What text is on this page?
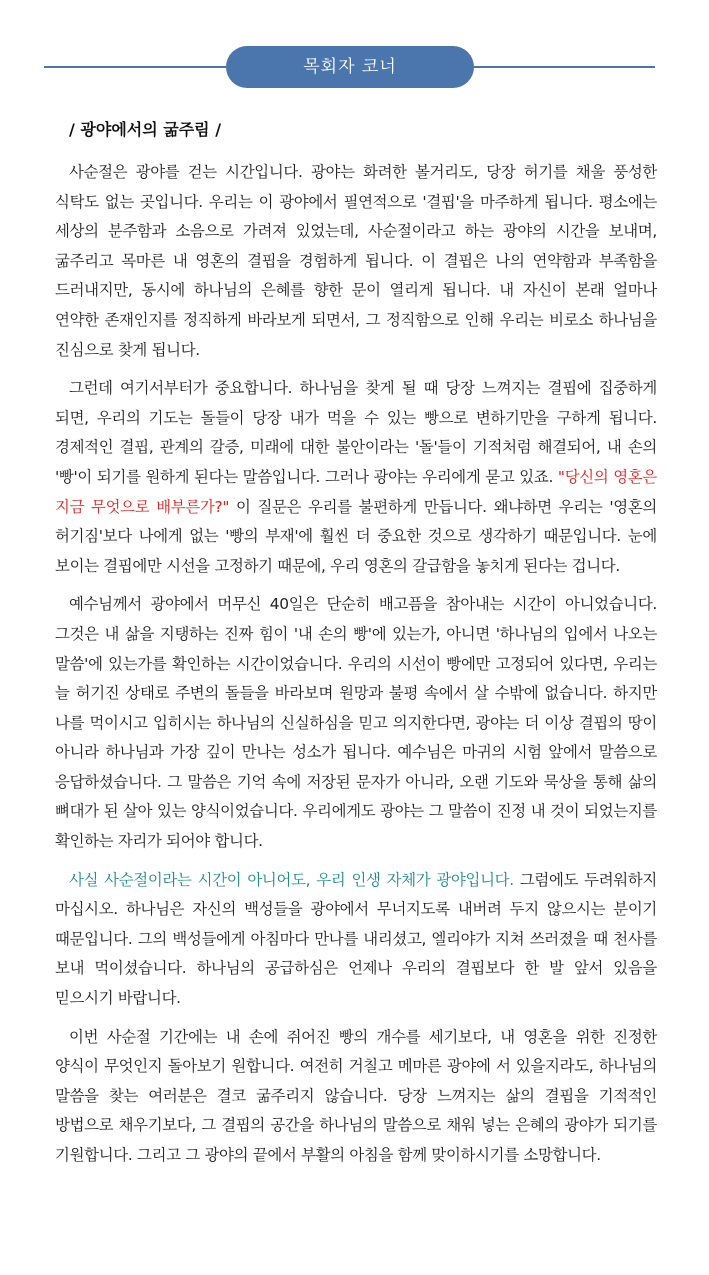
목회자 코너
/ 광야에서의 굶주림 /

사순절은 광야를 걷는 시간입니다. 광야는 화려한 볼거리도, 당장 허기를 채울 풍성한 식탁도 없는 곳입니다. 우리는 이 광야에서 필연적으로 '결핍'을 마주하게 됩니다. 평소에는 세상의 분주함과 소음으로 가려져 있었는데, 사순절이라고 하는 광야의 시간을 보내며, 굶주리고 목마른 내 영혼의 결핍을 경험하게 됩니다. 이 결핍은 나의 연약함과 부족함을 드러내지만, 동시에 하나님의 은혜를 향한 문이 열리게 됩니다. 내 자신이 본래 얼마나 연약한 존재인지를 정직하게 바라보게 되면서, 그 정직함으로 인해 우리는 비로소 하나님을 진심으로 찾게 됩니다.

그런데 여기서부터가 중요합니다. 하나님을 찾게 될 때 당장 느껴지는 결핍에 집중하게 되면, 우리의 기도는 돌들이 당장 내가 먹을 수 있는 빵으로 변하기만을 구하게 됩니다. 경제적인 결핍, 관계의 갈증, 미래에 대한 불안이라는 '돌'들이 기적처럼 해결되어, 내 손의 '빵'이 되기를 원하게 된다는 말씀입니다. 그러나 광야는 우리에게 묻고 있죠. "당신의 영혼은 지금 무엇으로 배부른가?" 이 질문은 우리를 불편하게 만듭니다. 왜냐하면 우리는 '영혼의 허기짐'보다 나에게 없는 '빵의 부재'에 훨씬 더 중요한 것으로 생각하기 때문입니다. 눈에 보이는 결핍에만 시선을 고정하기 때문에, 우리 영혼의 갈급함을 놓치게 된다는 겁니다.

예수님께서 광야에서 머무신 40일은 단순히 배고픔을 참아내는 시간이 아니었습니다. 그것은 내 삶을 지탱하는 진짜 힘이 '내 손의 빵'에 있는가, 아니면 '하나님의 입에서 나오는 말씀'에 있는가를 확인하는 시간이었습니다. 우리의 시선이 빵에만 고정되어 있다면, 우리는 늘 허기진 상태로 주변의 돌들을 바라보며 원망과 불평 속에서 살 수밖에 없습니다. 하지만 나를 먹이시고 입히시는 하나님의 신실하심을 믿고 의지한다면, 광야는 더 이상 결핍의 땅이 아니라 하나님과 가장 깊이 만나는 성소가 됩니다. 예수님은 마귀의 시험 앞에서 말씀으로 응답하셨습니다. 그 말씀은 기억 속에 저장된 문자가 아니라, 오랜 기도와 묵상을 통해 삶의 뼈대가 된 살아 있는 양식이었습니다. 우리에게도 광야는 그 말씀이 진정 내 것이 되었는지를 확인하는 자리가 되어야 합니다.

사실 사순절이라는 시간이 아니어도, 우리 인생 자체가 광야입니다. 그럼에도 두려워하지 마십시오. 하나님은 자신의 백성들을 광야에서 무너지도록 내버려 두지 않으시는 분이기 때문입니다. 그의 백성들에게 아침마다 만나를 내리셨고, 엘리야가 지쳐 쓰러졌을 때 천사를 보내 먹이셨습니다. 하나님의 공급하심은 언제나 우리의 결핍보다 한 발 앞서 있음을 믿으시기 바랍니다.

이번 사순절 기간에는 내 손에 쥐어진 빵의 개수를 세기보다, 내 영혼을 위한 진정한 양식이 무엇인지 돌아보기 원합니다. 여전히 거칠고 메마른 광야에 서 있을지라도, 하나님의 말씀을 찾는 여러분은 결코 굶주리지 않습니다. 당장 느껴지는 삶의 결핍을 기적적인 방법으로 채우기보다, 그 결핍의 공간을 하나님의 말씀으로 채워 넣는 은혜의 광야가 되기를 기원합니다. 그리고 그 광야의 끝에서 부활의 아침을 함께 맞이하시기를 소망합니다.
